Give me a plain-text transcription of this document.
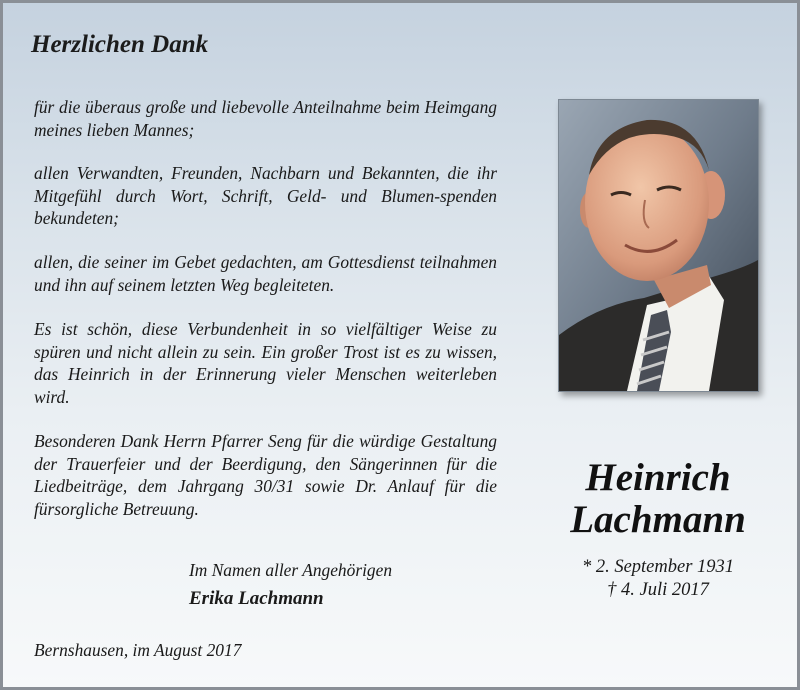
Herzlichen Dank
für die überaus große und liebevolle Anteilnahme beim Heimgang meines lieben Mannes;
allen Verwandten, Freunden, Nachbarn und Bekannten, die ihr Mitgefühl durch Wort, Schrift, Geld- und Blumen-spenden bekundeten;
allen, die seiner im Gebet gedachten, am Gottesdienst teilnahmen und ihn auf seinem letzten Weg begleiteten.
Es ist schön, diese Verbundenheit in so vielfältiger Weise zu spüren und nicht allein zu sein. Ein großer Trost ist es zu wissen, das Heinrich in der Erinnerung vieler Menschen weiterleben wird.
Besonderen Dank Herrn Pfarrer Seng für die würdige Gestaltung der Trauerfeier und der Beerdigung, den Sängerinnen für die Liedbeiträge, dem Jahrgang 30/31 sowie Dr. Anlauf für die fürsorgliche Betreuung.
Im Namen aller Angehörigen
Erika Lachmann
Bernshausen, im August 2017
Heinrich
Lachmann
* 2. September 1931
† 4. Juli 2017
